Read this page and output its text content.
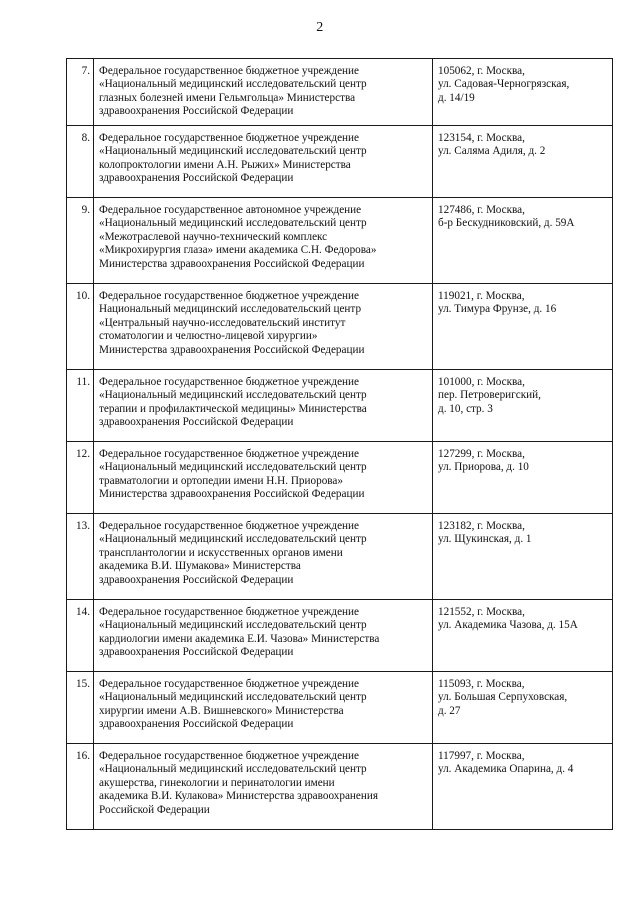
2
7.	Федеральное государственное бюджетное учреждение
«Национальный медицинский исследовательский центр
глазных болезней имени Гельмгольца» Министерства
здравоохранения Российской Федерации	105062, г. Москва,
ул. Садовая-Черногрязская,
д. 14/19

8.	Федеральное государственное бюджетное учреждение
«Национальный медицинский исследовательский центр
колопроктологии имени А.Н. Рыжих» Министерства
здравоохранения Российской Федерации	123154, г. Москва,
ул. Салямa Адиля, д. 2

9.	Федеральное государственное автономное учреждение
«Национальный медицинский исследовательский центр
«Межотраслевой научно-технический комплекс
«Микрохирургия глаза» имени академика С.Н. Федорова»
Министерства здравоохранения Российской Федерации	127486, г. Москва,
б-р Бескудниковский, д. 59А

10.	Федеральное государственное бюджетное учреждение
Национальный медицинский исследовательский центр
«Центральный научно-исследовательский институт
стоматологии и челюстно-лицевой хирургии»
Министерства здравоохранения Российской Федерации	119021, г. Москва,
ул. Тимура Фрунзе, д. 16

11.	Федеральное государственное бюджетное учреждение
«Национальный медицинский исследовательский центр
терапии и профилактической медицины» Министерства
здравоохранения Российской Федерации	101000, г. Москва,
пер. Петроверигский,
д. 10, стр. 3

12.	Федеральное государственное бюджетное учреждение
«Национальный медицинский исследовательский центр
травматологии и ортопедии имени Н.Н. Приорова»
Министерства здравоохранения Российской Федерации	127299, г. Москва,
ул. Приорова, д. 10

13.	Федеральное государственное бюджетное учреждение
«Национальный медицинский исследовательский центр
трансплантологии и искусственных органов имени
академика В.И. Шумакова» Министерства
здравоохранения Российской Федерации	123182, г. Москва,
ул. Щукинская, д. 1

14.	Федеральное государственное бюджетное учреждение
«Национальный медицинский исследовательский центр
кардиологии имени академика Е.И. Чазова» Министерства
здравоохранения Российской Федерации	121552, г. Москва,
ул. Академика Чазова, д. 15А

15.	Федеральное государственное бюджетное учреждение
«Национальный медицинский исследовательский центр
хирургии имени А.В. Вишневского» Министерства
здравоохранения Российской Федерации	115093, г. Москва,
ул. Большая Серпуховская,
д. 27

16.	Федеральное государственное бюджетное учреждение
«Национальный медицинский исследовательский центр
акушерства, гинекологии и перинатологии имени
академика В.И. Кулакова» Министерства здравоохранения
Российской Федерации	117997, г. Москва,
ул. Академика Опарина, д. 4
